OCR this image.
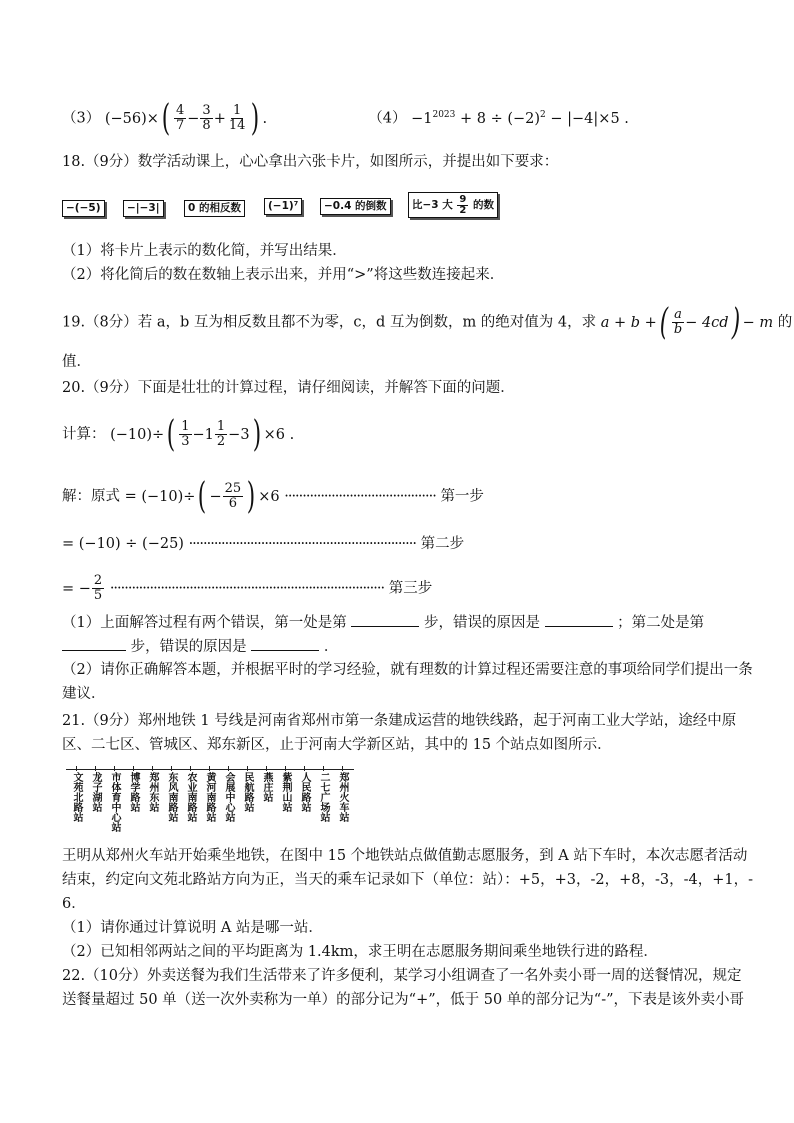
（3） $(-56)\times( \frac{4}{7} - \frac{3}{8} + \frac{1}{14}$ ) .	$(4) -1^{2023} + 8 \div (-2)^2 - |-4|\times 5$ .
18.（9分）数学活动课上，心心拿出六张卡片，如图所示，并提出如下要求：
−(−5)	−|−3|	0 的相反数	(−1)⁷	−0.4 的倒数	比−3 大 $\frac{9}{2}$ 的数
（1）将卡片上表示的数化简，并写出结果．
（2）将化简后的数在数轴上表示出来，并用“>”将这些数连接起来．
19.（8分）若 a，b 互为相反数且都不为零，c，d 互为倒数，m 的绝对值为 4，求 a + b +( $\frac{a}{b} - 4cd) - m$ 的
值．
20.（9分）下面是壮壮的计算过程，请仔细阅读，并解答下面的问题．
计算： $(-10)\div( \frac{1}{3} -1 \frac{1}{2} -3) \times 6$ .
解：原式 = $(-10)\div( - \frac{25}{6}$ ) ×6 ·········································· 第一步
= (−10) ÷ (−25) ······························································· 第二步
= − $\frac{2}{5}$ ············································································ 第三步
（1）上面解答过程有两个错误，第一处是第	步，错误的原因是	；第二处是第
步，错误的原因是	．
（2）请你正确解答本题，并根据平时的学习经验，就有理数的计算过程还需要注意的事项给同学们提出一条
建议．
21.（9分）郑州地铁 1 号线是河南省郑州市第一条建成运营的地铁线路，起于河南工业大学站，途经中原
区、二七区、管城区、郑东新区，止于河南大学新区站，其中的 15 个站点如图所示．
文苑北路站 龙子湖站 市体育中心站 博学路站 郑州东站 东风南路站 农业南路站 黄河南路站 会展中心站 民航路站 燕庄站 紫荆山站 人民路站 二七广场站 郑州火车站
王明从郑州火车站开始乘坐地铁，在图中 15 个地铁站点做值勤志愿服务，到 A 站下车时，本次志愿者活动
结束，约定向文苑北路站方向为正，当天的乘车记录如下（单位：站）：+5，+3，-2，+8，-3，-4，+1，-
6．
（1）请你通过计算说明 A 站是哪一站．
（2）已知相邻两站之间的平均距离为 1.4km，求王明在志愿服务期间乘坐地铁行进的路程．
22.（10分）外卖送餐为我们生活带来了许多便利，某学习小组调查了一名外卖小哥一周的送餐情况，规定
送餐量超过 50 单（送一次外卖称为一单）的部分记为“+”，低于 50 单的部分记为“-”，下表是该外卖小哥
